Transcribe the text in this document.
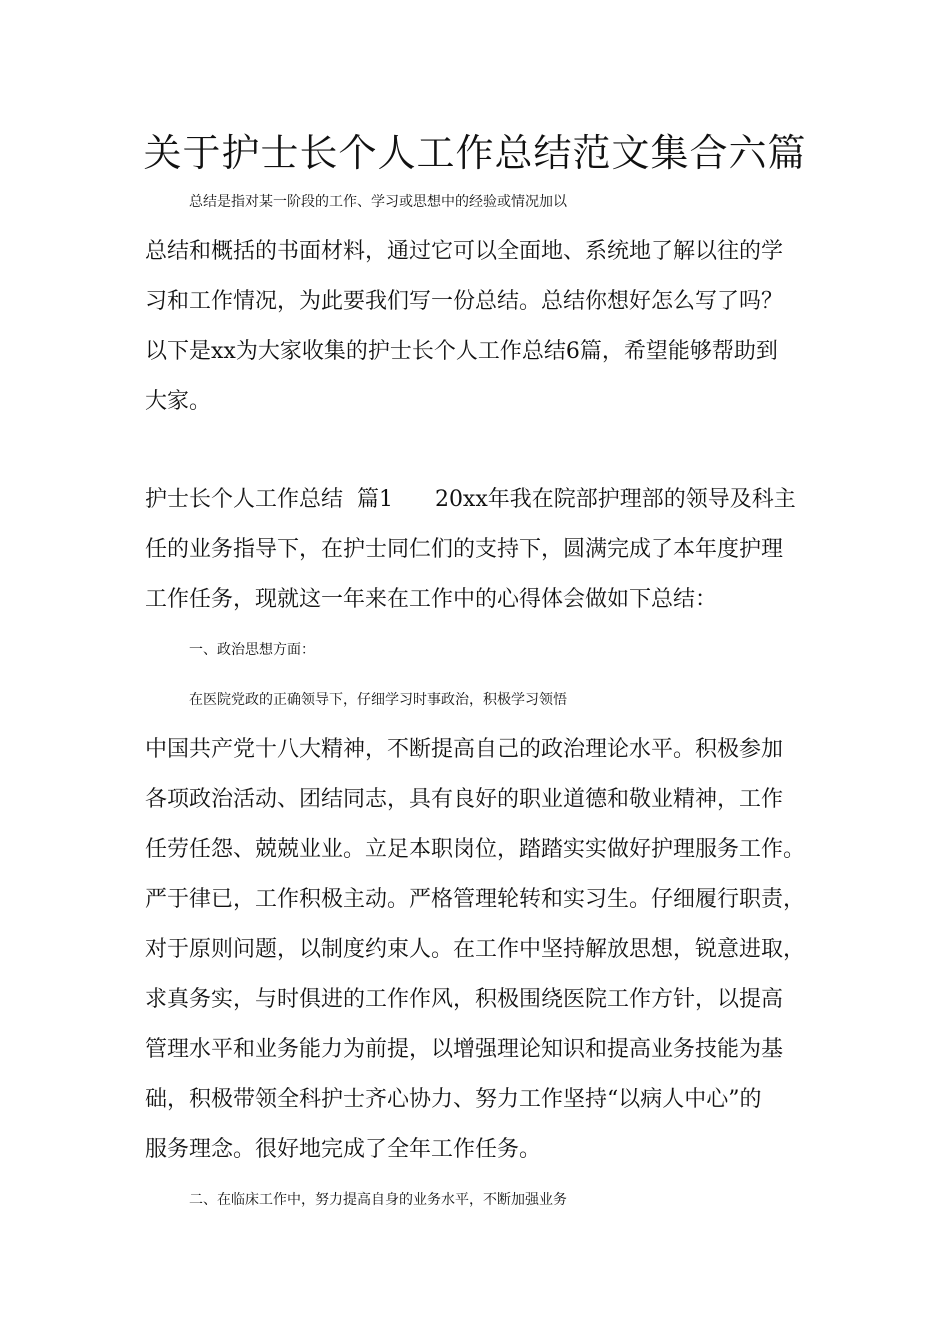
关于护士长个人工作总结范文集合六篇
总结是指对某一阶段的工作、学习或思想中的经验或情况加以
总结和概括的书面材料，通过它可以全面地、系统地了解以往的学
习和工作情况，为此要我们写一份总结。总结你想好怎么写了吗？
以下是xx为大家收集的护士长个人工作总结6篇，希望能够帮助到
大家。
护士长个人工作总结  篇1      20xx年我在院部护理部的领导及科主
任的业务指导下，在护士同仁们的支持下，圆满完成了本年度护理
工作任务，现就这一年来在工作中的心得体会做如下总结：
一、政治思想方面：
在医院党政的正确领导下，仔细学习时事政治，积极学习领悟
中国共产党十八大精神，不断提高自己的政治理论水平。积极参加
各项政治活动、团结同志，具有良好的职业道德和敬业精神，工作
任劳任怨、兢兢业业。立足本职岗位，踏踏实实做好护理服务工作。
严于律已，工作积极主动。严格管理轮转和实习生。仔细履行职责，
对于原则问题，以制度约束人。在工作中坚持解放思想，锐意进取，
求真务实，与时俱进的工作作风，积极围绕医院工作方针，以提高
管理水平和业务能力为前提，以增强理论知识和提高业务技能为基
础，积极带领全科护士齐心协力、努力工作坚持“以病人中心”的
服务理念。很好地完成了全年工作任务。
二、在临床工作中，努力提高自身的业务水平，不断加强业务
